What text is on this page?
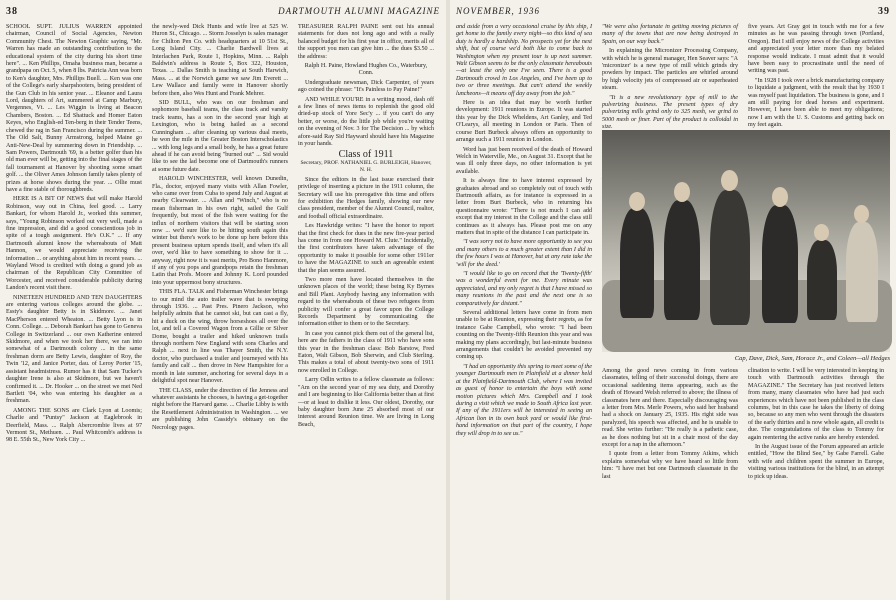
38	DARTMOUTH ALUMNI MAGAZINE

SCHOOL SUPT. JULIUS WARREN appointed chairman, Council of Social Agencies, Newton Community Chest. The Newton Graphic saying, "Mr. Warren has made an outstanding contribution to the educational system of the city during his short time here". ... Ken Phillips, Omaha business man, became a grandpapa on Oct. 5, when 8 lbs. Patricia Ann was born to Ken's daughter, Mrs. Phillips Buell. ... Ken was one of the College's early sharpshooters, being president of the Gun Club in his senior year. ... Eleanor and Laura Lord, daughters of Art, summered at Camp Marbury, Vergennes, Vt. ... Les Wiggin is living at Beacon Chambers, Boston. ... Ed Shattuck and Homer Eaton Keyes, who English-ed Ten-berg in their Tender Teens, chewed the rag in San Francisco during the summer. ... The Old Salt, Bunny Armstrong, helped Maine go Anti-New-Deal by summering down in Friendship. ... Sam Powers, Dartmouth '69, is a better golfer than his old man ever will be, getting into the final stages of the fall tournament at Hanover by shooting some smart golf. ... the Oliver Ames Johnson family takes plenty of prizes at horse shows during the year. ... Ollie must have a fine stable of thoroughbreds.

HERE IS A BIT OF NEWS that will make Harold Robinson, way out in China, feel good. ... Larry Bankart, for whom Harold Jr., worked this summer, says, "Young Robinson worked out very well, made a fine impression, and did a good conscientious job in spite of a tough assignment. He's O.K." ... If any Dartmouth alumni know the whereabouts of Matt Hannon, we would appreciate receiving the information ... or anything about him in recent years. ... Wayland Wood is credited with doing a grand job as chairman of the Republican City Committee of Worcester, and received considerable publicity during Landon's recent visit there.

NINETEEN HUNDRED AND TEN DAUGHTERS are entering various colleges around the globe. ... Essty's daughter Betty is in Skidmore. ... Janet MacPherson entered Wheaton. ... Betty Lyon is in Conn. College. ... Deborah Bankart has gone to Geneva College in Switzerland ... our own Katherine entered Skidmore, and when we took her there, we ran into somewhat of a Dartmouth colony ... in the same freshman dorm are Betty Lewis, daughter of Roy, the Twin '12, and Janice Porter, dau. of Leroy Porter '15, assistant headmistress. Rumor has it that Sam Tucker's daughter Irene is also at Skidmore, but we haven't confirmed it. ... Dr. Hooker ... on the street we met Ned Bartlett '04, who was entering his daughter as a freshman.

AMONG THE SONS are Clark Lyon at Loomis; Charlie and "Puntsy" Jackson at Eaglebrook in Deerfield, Mass. ... Ralph Abercrombie lives at 97 Vermont St., Methuen. ... Paul Whitcomb's address is 98 E. 55th St., New York City ...

the newly-wed Dick Hunts and wife live at 525 W. Huron St., Chicago. ... Storm Josselyn is sales manager for Chilton Pen Co. with headquarters at 10 51st St., Long Island City. ... Charlie Bardwell lives at Interlachen Park, Route 1, Hopkins, Minn. ... Ralph Baldwin's address is Route 5, Box 322, Houston, Texas. ... Dallas Smith is teaching at South Harwich, Mass. ... at the Norwich game we saw Jim Everett ... Lew Wallace and family were in Hanover shortly before then, also Wes Hunt and Frank Mehrer.

SID BULL, who was on our freshman and sophomore baseball teams, the class track and varsity track teams, has a son in the second year high at Lexington, who is being hailed as a second Cunningham ... after cleaning up various dual meets, he won the mile in the Greater Boston Interscholastics ... with long legs and a small body, he has a great future ahead if he can avoid being "burned out" ... Sid would like to see the lad become one of Dartmouth's runners at some future date.

HAROLD WINCHESTER, well known Dunedin, Fla., doctor, enjoyed many visits with Allan Fowler, who came over from Cuba to spend July and August at nearby Clearwater. ... Allan and "Winch," who is no mean fisherman in his own right, sailed the Gulf frequently, but most of the fish were waiting for the influx of northern visitors that will be starting soon now ... we'd sure like to be hitting south again this winter but there's work to be done up here before this present business upturn spends itself, and when it's all over, we'd like to have something to show for it ... anyway, right now it is vast merits, Pro Bono Hanmore, if any of you pops and grandpops retain the freshman Latin that Profs. Moore and Johnny K. Lord pounded into your uppermost bony structures.

THIS FLA. TALK and Fisherman Winchester brings to our mind the auto trailer wave that is sweeping through 1936. ... Past Pres. Pinero Jackson, who helpfully admits that he cannot ski, but can cast a fly, hit a duck on the wing, throw horseshoes all over the lot, and tell a Covered Wagon from a Gillie or Silver Dome, bought a trailer and hiked unknown trails through northern New England with sons Charles and Ralph ... next in line was Thayer Smith, the N.Y. doctor, who purchased a trailer and journeyed with his family and calf ... then drove in New Hampshire for a month in late summer, anchoring for several days in a delightful spot near Hanover.

THE CLASS, under the direction of Ike Jenness and whatever assistants he chooses, is having a get-together night before the Harvard game. ... Charlie Libby is with the Resettlement Administration in Washington. ... we are publishing John Cassidy's obituary on the Necrology pages.

TREASURER RALPH PAINE sent out his annual statements for dues not long ago and with a really balanced budget for his first year in office, merits all of the support you men can give him ... the dues $3.50 ... the address:

Ralph H. Paine, Howland Hughes Co., Waterbury, Conn.

Undergraduate newsman, Dick Carpenter, of years ago coined the phrase: "It's Painless to Pay Paine!"

AND WHILE YOU'RE in a writing mood, dash off a few lines of news items to replenish the good old dried-up stock of Yore Sec'y ... if you can't do any better, or worse, do the little job while you're waiting on the evening of Nov. 3 for The Decision ... by which afore-said Ray Sid Hayward should have his Magazine in your hands.

Class of 1911

Secretary, PROF. NATHANIEL G. BURLEIGH, Hanover, N. H.

Since the editors in the last issue exercised their privilege of inserting a picture in the 1911 column, the Secretary will use his prerogative this time and offers for exhibition the Hedges family, showing our new class president, member of the Alumni Council, realtor, and football official extraordinaire.

Les Hawkridge writes: "I have the honor to report that the first check for dues in the new fire-year period has come in from one Howard M. Clute." Incidentally, the first contributors have taken advantage of the opportunity to make it possible for some other 1911er to have the MAGAZINE to such an agreeable extent that the plan seems assured.

Two more men have located themselves in the unknown places of the world; these being Ky Byrnes and Bill Plant. Anybody having any information with regard to the whereabouts of these two refugees from publicity will confer a great favor upon the College Records Department by communicating the information either to them or to the Secretary.

In case you cannot pick them out of the general list, here are the fathers in the class of 1911 who have sons this year in the freshman class: Bob Barstow, Fred Eaton, Walt Gibson, Bob Sherwin, and Club Sterling. This makes a total of about twenty-two sons of 1911 now enrolled in College.

Larry Odlin writes to a fellow classmate as follows: "Am on the second year of my sea duty, and Dorothy and I are beginning to like California better than at first—or at least to dislike it less. Our oldest, Dorothy, our baby daughter born June 25 absorbed most of our interest around Reunion time. We are living in Long Beach,

NOVEMBER, 1936	39

and aside from a very occasional cruise by this ship, I get home to the family every night—so this kind of sea duty is hardly a hardship. No prospects yet for the next shift, but of course we'd both like to come back to Washington when my present tour is up next summer. Walt Gibson seems to be the only classmate hereabouts—at least the only one I've seen. There is a good Dartmouth crowd in Los Angeles, and I've been up to two or three meetings. But can't attend the weekly luncheons—it means off day away from the job."

Here is an idea that may be worth further development: 1911 reunions in Europe. It was started this year by the Dick Wheldens, Art Ganley, and Ted O'Learys, all meeting in London or Paris. Then of course Burt Burbeck always offers an opportunity to arrange such a 1911 reunion in London.

Word has just been received of the death of Howard Welch in Waterville, Me., on August 31. Except that he was ill only three days, no other information is yet available.

It is always fine to have interest expressed by graduates abroad and so completely out of touch with Dartmouth affairs, as for instance is expressed in a letter from Burt Burbeck, who in returning his questionnaire wrote: "There is not much I can add except that my interest in the College and the class still continues as it always has. Please post me on any matters that in spite of the distance I can participate in.

"I was sorry not to have more opportunity to see you and many others to a much greater extent than I did in the few hours I was at Hanover, but at any rate take the 'will for the deed.'

"I would like to go on record that the 'Twenty-fifth' was a wonderful event for me. Every minute was appreciated, and my only regret is that I have missed so many reunions in the past and the next one is so comparatively far distant."

Several additional letters have come in from men unable to be at Reunion, expressing their regrets, as for instance Gabe Campbell, who wrote: "I had been counting on the Twenty-fifth Reunion this year and was making my plans accordingly, but last-minute business arrangements that couldn't be avoided prevented my coming up.

"I had an opportunity this spring to meet some of the younger Dartmouth men in Plainfield at a dinner held at the Plainfield-Dartmouth Club, where I was invited as guest of honor to entertain the boys with some motion pictures which Mrs. Campbell and I took during a visit which we made to South Africa last year. If any of the 1911ers will be interested in seeing an African lion in its own back yard or would like first-hand information on that part of the country, I hope they will drop in to see us."

"We were also fortunate in getting moving pictures of many of the towns that are now being destroyed in Spain, on our way back."

In explaining the Micronizer Processing Company, with which he is general manager, Hen Seaver says: "A 'micronizer' is a new type of mill which grinds dry powders by impact. The particles are whirled around by high velocity jets of compressed air or superheated steam.

"It is a new revolutionary type of mill to the pulverizing business. The present types of dry pulverizing mills grind only to 325 mesh, we grind to 5000 mesh or finer. Part of the product is colloidal in size.

five years. Art Gray got in touch with me for a few minutes as he was passing through town (Portland, Oregon). But I still enjoy news of the College activities and appreciated your letter more than my belated response would indicate. I must admit that it would have been easy to procrastinate until the need of writing was past.

"In 1928 I took over a brick manufacturing company to liquidate a judgment, with the result that by 1930 I was myself past liquidation. The business is gone, and I am still paying for dead horses and experiment. However, I have been able to meet my obligations; now I am with the U. S. Customs and getting back on my feet again.

Cap, Dave, Dick, Sam, Horace Jr., and Coleen—all Hedges

Among the good news coming in from various classmates, telling of their successful doings, there are occasional saddening items appearing, such as the death of Howard Welsh referred to above; the illness of classmates here and there. Especially discouraging was a letter from Mrs. Merle Powers, who said her husband had a shock on January 25, 1935. His right side was paralyzed, his speech was affected, and he is unable to read. She writes further: "He really is a pathetic case, as he does nothing but sit in a chair most of the day except for a nap in the afternoon."

I quote from a letter from Tommy Atkins, which explains somewhat why we have heard so little from him: "I have met but one Dartmouth classmate in the last

clination to write. I will be very interested in keeping in touch with Dartmouth activities through the MAGAZINE." The Secretary has just received letters from many, many classmates who have had just such experiences which have not been published in the class columns, but in this case he takes the liberty of doing so, because so any men who went through the disasters of the early thirties and is now whole again, all credit is due. The congratulations of the class to Tommy for again reentering the active ranks are hereby extended.

In the August issue of the Forum appeared an article entitled, "How the Blind See," by Gabe Farrell. Gabe with wife and children spent the summer in Europe, visiting various institutions for the blind, in an attempt to pick up ideas.
